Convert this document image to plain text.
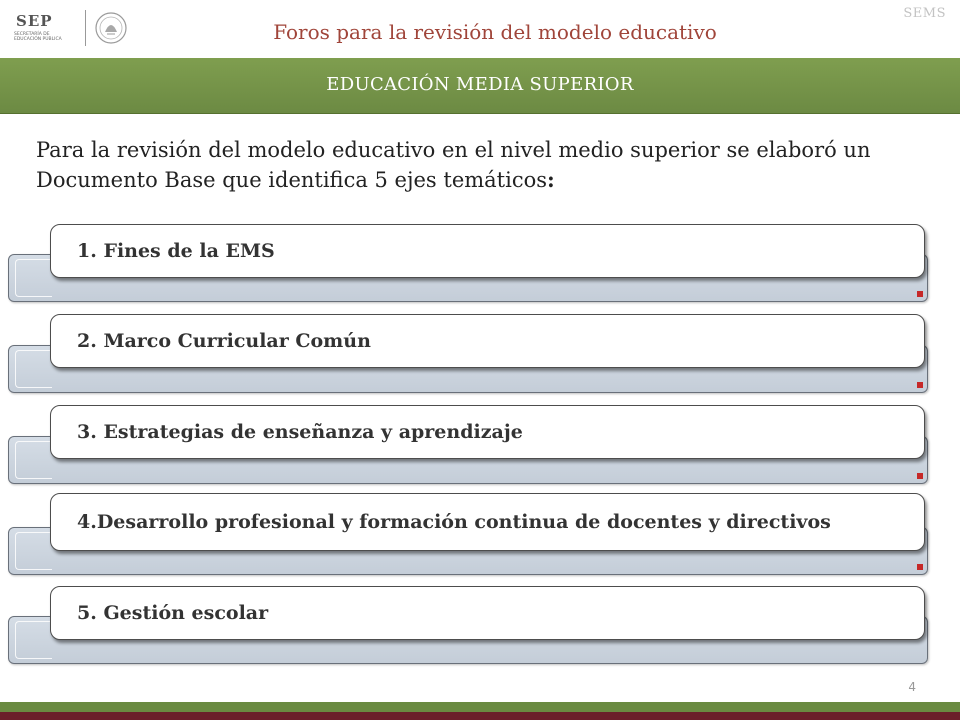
SEP
SECRETARÍA DE EDUCACIÓN PÚBLICA	Foros para la revisión del modelo educativo
SEMS
EDUCACIÓN MEDIA SUPERIOR
Para la revisión del modelo educativo en el nivel medio superior se elaboró un Documento Base que identifica 5 ejes temáticos:
1. Fines de la EMS
2. Marco Curricular Común
3. Estrategias de enseñanza y aprendizaje
4.Desarrollo profesional y formación continua de docentes y directivos
5. Gestión escolar
4
